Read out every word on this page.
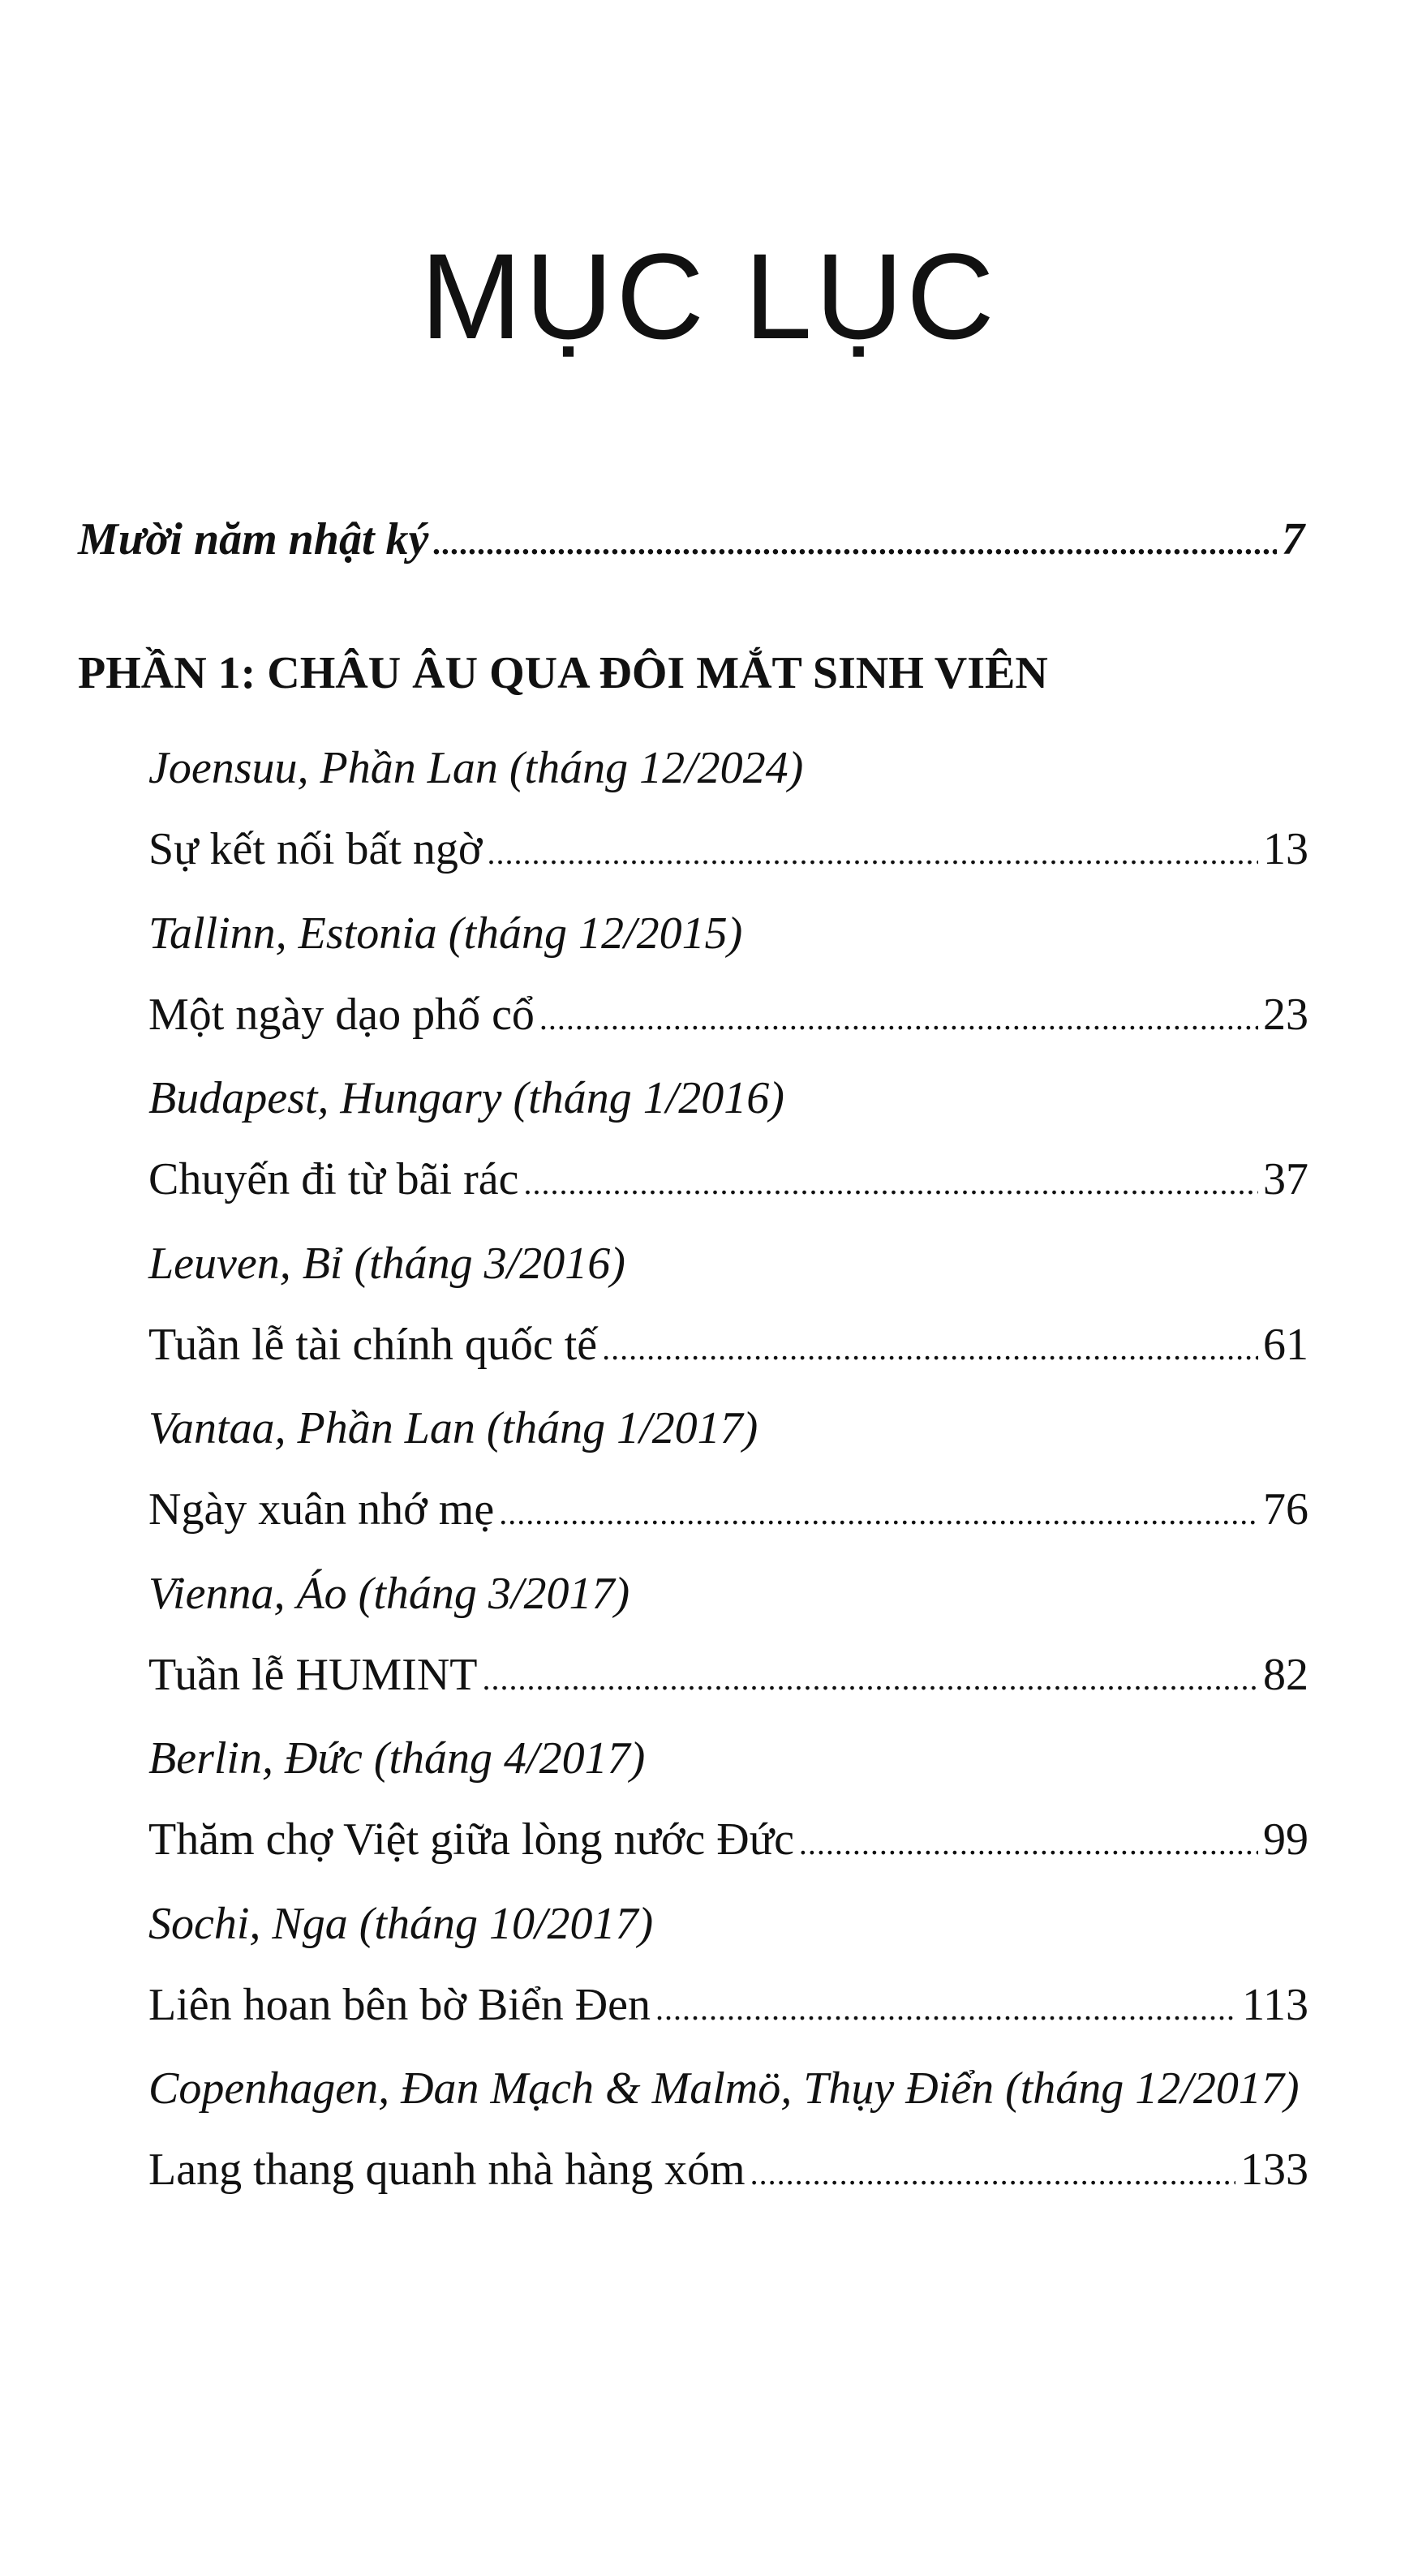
MỤC LỤC
Mười năm nhật ký .....	7
PHẦN 1: CHÂU ÂU QUA ĐÔI MẮT SINH VIÊN
Joensuu, Phần Lan (tháng 12/2024)
Sự kết nối bất ngờ .....	13
Tallinn, Estonia (tháng 12/2015)
Một ngày dạo phố cổ .....	23
Budapest, Hungary (tháng 1/2016)
Chuyến đi từ bãi rác .....	37
Leuven, Bỉ (tháng 3/2016)
Tuần lễ tài chính quốc tế .....	61
Vantaa, Phần Lan (tháng 1/2017)
Ngày xuân nhớ mẹ .....	76
Vienna, Áo (tháng 3/2017)
Tuần lễ HUMINT .....	82
Berlin, Đức (tháng 4/2017)
Thăm chợ Việt giữa lòng nước Đức .....	99
Sochi, Nga (tháng 10/2017)
Liên hoan bên bờ Biển Đen .....	113
Copenhagen, Đan Mạch & Malmö, Thụy Điển (tháng 12/2017)
Lang thang quanh nhà hàng xóm .....	133
